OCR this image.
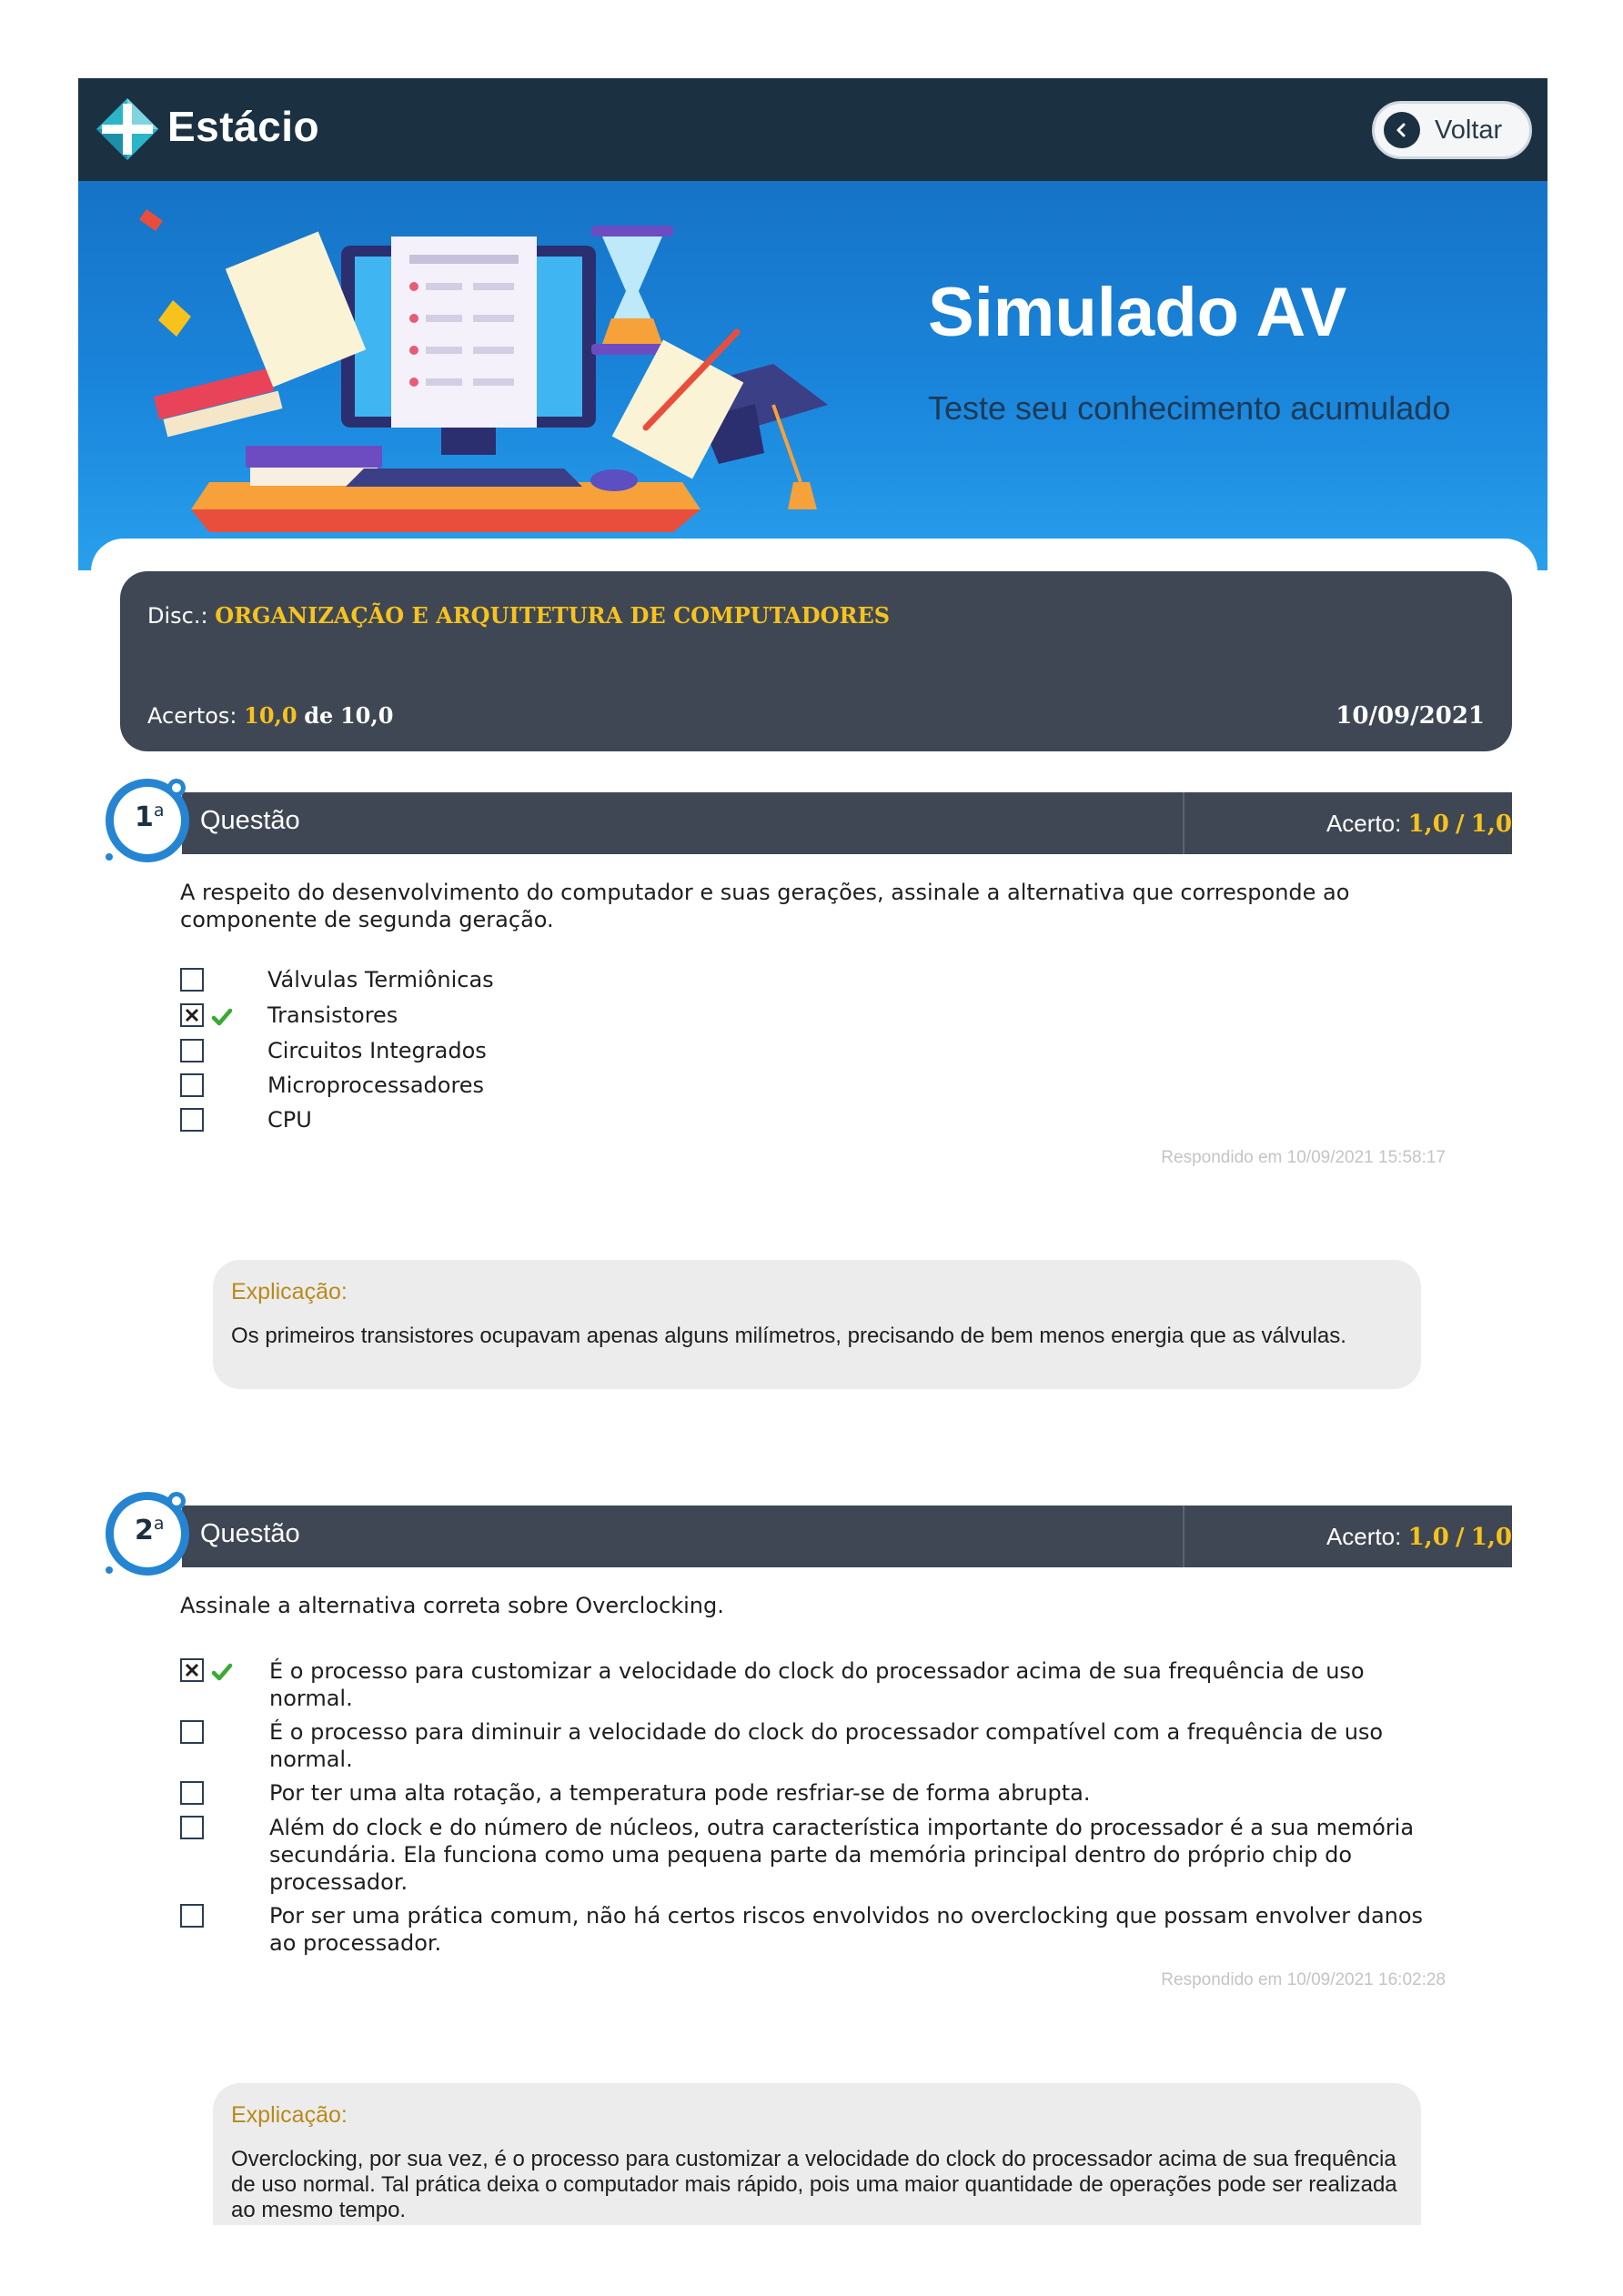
Estácio	Voltar
Simulado AV
Teste seu conhecimento acumulado
Disc.: ORGANIZAÇÃO E ARQUITETURA DE COMPUTADORES
Acertos: 10,0 de 10,0	10/09/2021
1$^a$ Questão	Acerto: 1,0 / 1,0
A respeito do desenvolvimento do computador e suas gerações, assinale a alternativa que corresponde ao componente de segunda geração.
Válvulas Termiônicas
Transistores
Circuitos Integrados
Microprocessadores
CPU
Respondido em 10/09/2021 15:58:17
Explicação:
Os primeiros transistores ocupavam apenas alguns milímetros, precisando de bem menos energia que as válvulas.
2$^a$ Questão	Acerto: 1,0 / 1,0
Assinale a alternativa correta sobre Overclocking.
É o processo para customizar a velocidade do clock do processador acima de sua frequência de uso normal.
É o processo para diminuir a velocidade do clock do processador compatível com a frequência de uso normal.
Por ter uma alta rotação, a temperatura pode resfriar-se de forma abrupta.
Além do clock e do número de núcleos, outra característica importante do processador é a sua memória secundária. Ela funciona como uma pequena parte da memória principal dentro do próprio chip do processador.
Por ser uma prática comum, não há certos riscos envolvidos no overclocking que possam envolver danos ao processador.
Respondido em 10/09/2021 16:02:28
Explicação:
Overclocking, por sua vez, é o processo para customizar a velocidade do clock do processador acima de sua frequência de uso normal. Tal prática deixa o computador mais rápido, pois uma maior quantidade de operações pode ser realizada ao mesmo tempo.
